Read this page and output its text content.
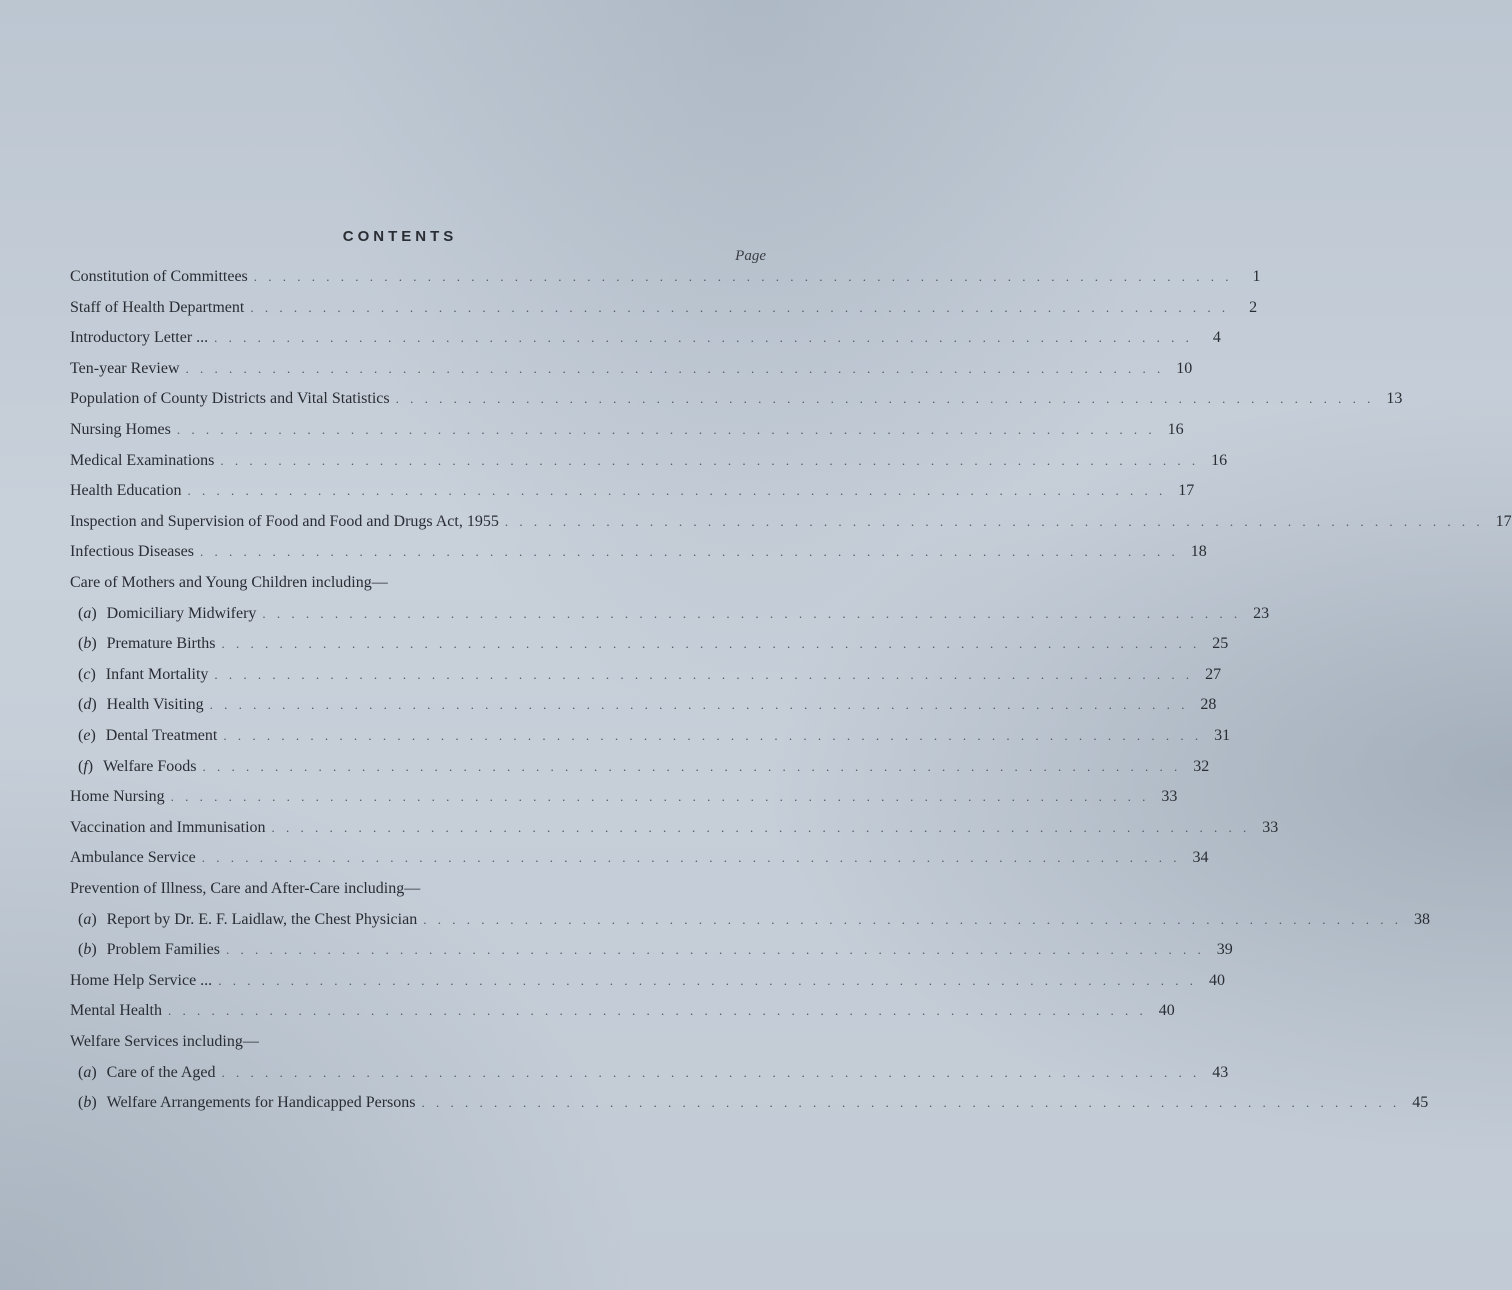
CONTENTS
Page
Constitution of Committees . . . . . . . . . . . . . . . . . . . . . . . . . . . . . . . . . . . . . . . . . . . . . . . . . . . . . . . . . . . . . . . . . . . .	1
Staff of Health Department . . . . . . . . . . . . . . . . . . . . . . . . . . . . . . . . . . . . . . . . . . . . . . . . . . . . . . . . . . . . . . . . . . . .	2
Introductory Letter ... . . . . . . . . . . . . . . . . . . . . . . . . . . . . . . . . . . . . . . . . . . . . . . . . . . . . . . . . . . . . . . . . . . . .	4
Ten-year Review . . . . . . . . . . . . . . . . . . . . . . . . . . . . . . . . . . . . . . . . . . . . . . . . . . . . . . . . . . . . . . . . . . . . 10
Population of County Districts and Vital Statistics . . . . . . . . . . . . . . . . . . . . . . . . . . . . . . . . . . . . . . . . . . . . . . . . . . . . . . . . . . . . . . . . . . . . 13
Nursing Homes . . . . . . . . . . . . . . . . . . . . . . . . . . . . . . . . . . . . . . . . . . . . . . . . . . . . . . . . . . . . . . . . . . . . 16
Medical Examinations . . . . . . . . . . . . . . . . . . . . . . . . . . . . . . . . . . . . . . . . . . . . . . . . . . . . . . . . . . . . . . . . . . . . 16
Health Education . . . . . . . . . . . . . . . . . . . . . . . . . . . . . . . . . . . . . . . . . . . . . . . . . . . . . . . . . . . . . . . . . . . . 17
Inspection and Supervision of Food and Food and Drugs Act, 1955 . . . . . . . . . . . . . . . . . . . . . . . . . . . . . . . . . . . . . . . . . . . . . . . . . . . . . . . . . . . . . . . . . . . . 17
Infectious Diseases . . . . . . . . . . . . . . . . . . . . . . . . . . . . . . . . . . . . . . . . . . . . . . . . . . . . . . . . . . . . . . . . . . . . 18
Care of Mothers and Young Children including—
(a) Domiciliary Midwifery . . . . . . . . . . . . . . . . . . . . . . . . . . . . . . . . . . . . . . . . . . . . . . . . . . . . . . . . . . . . . . . . . . . . 23
(b) Premature Births . . . . . . . . . . . . . . . . . . . . . . . . . . . . . . . . . . . . . . . . . . . . . . . . . . . . . . . . . . . . . . . . . . . . 25
(c) Infant Mortality . . . . . . . . . . . . . . . . . . . . . . . . . . . . . . . . . . . . . . . . . . . . . . . . . . . . . . . . . . . . . . . . . . . . 27
(d) Health Visiting . . . . . . . . . . . . . . . . . . . . . . . . . . . . . . . . . . . . . . . . . . . . . . . . . . . . . . . . . . . . . . . . . . . . 28
(e) Dental Treatment . . . . . . . . . . . . . . . . . . . . . . . . . . . . . . . . . . . . . . . . . . . . . . . . . . . . . . . . . . . . . . . . . . . . 31
(f) Welfare Foods . . . . . . . . . . . . . . . . . . . . . . . . . . . . . . . . . . . . . . . . . . . . . . . . . . . . . . . . . . . . . . . . . . . . 32
Home Nursing . . . . . . . . . . . . . . . . . . . . . . . . . . . . . . . . . . . . . . . . . . . . . . . . . . . . . . . . . . . . . . . . . . . . 33
Vaccination and Immunisation . . . . . . . . . . . . . . . . . . . . . . . . . . . . . . . . . . . . . . . . . . . . . . . . . . . . . . . . . . . . . . . . . . . . 33
Ambulance Service . . . . . . . . . . . . . . . . . . . . . . . . . . . . . . . . . . . . . . . . . . . . . . . . . . . . . . . . . . . . . . . . . . . . 34
Prevention of Illness, Care and After-Care including—
(a) Report by Dr. E. F. Laidlaw, the Chest Physician . . . . . . . . . . . . . . . . . . . . . . . . . . . . . . . . . . . . . . . . . . . . . . . . . . . . . . . . . . . . . . . . . . . . 38
(b) Problem Families . . . . . . . . . . . . . . . . . . . . . . . . . . . . . . . . . . . . . . . . . . . . . . . . . . . . . . . . . . . . . . . . . . . . 39
Home Help Service ... . . . . . . . . . . . . . . . . . . . . . . . . . . . . . . . . . . . . . . . . . . . . . . . . . . . . . . . . . . . . . . . . . . . . 40
Mental Health . . . . . . . . . . . . . . . . . . . . . . . . . . . . . . . . . . . . . . . . . . . . . . . . . . . . . . . . . . . . . . . . . . . . 40
Welfare Services including—
(a) Care of the Aged . . . . . . . . . . . . . . . . . . . . . . . . . . . . . . . . . . . . . . . . . . . . . . . . . . . . . . . . . . . . . . . . . . . . 43
(b) Welfare Arrangements for Handicapped Persons . . . . . . . . . . . . . . . . . . . . . . . . . . . . . . . . . . . . . . . . . . . . . . . . . . . . . . . . . . . . . . . . . . . . 45
